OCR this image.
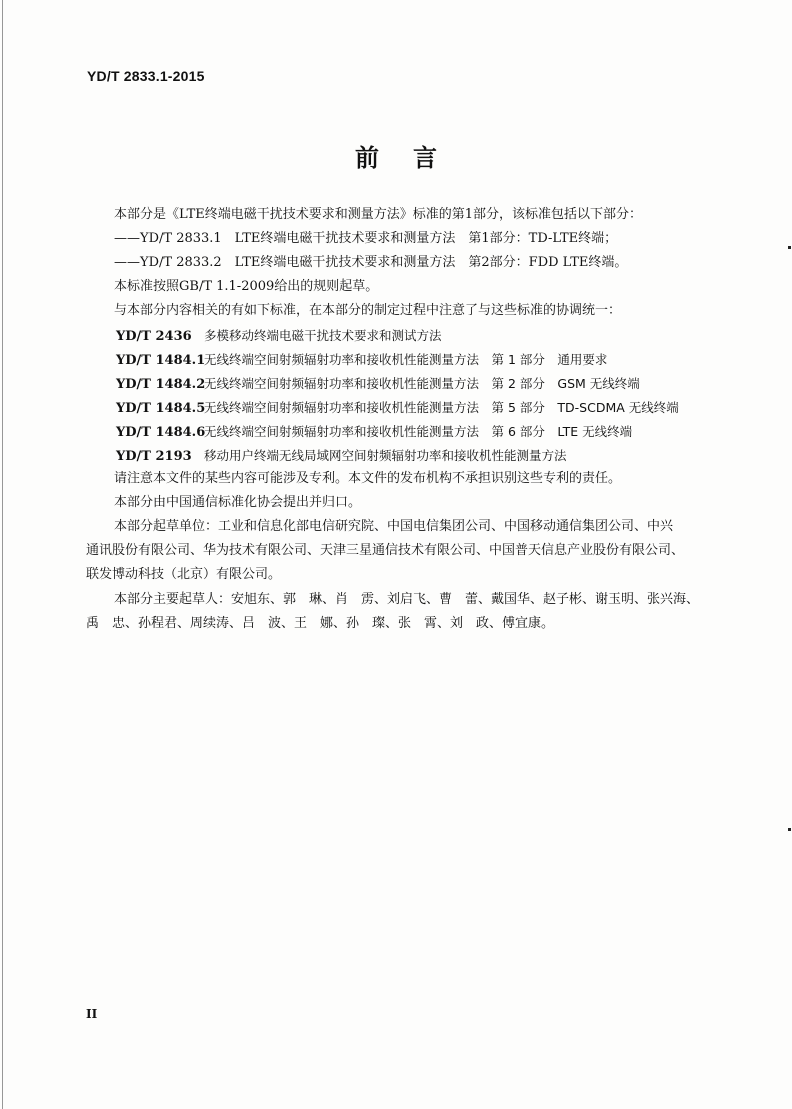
YD/T 2833.1-2015
前言
本部分是《LTE终端电磁干扰技术要求和测量方法》标准的第1部分，该标准包括以下部分：
——YD/T 2833.1　LTE终端电磁干扰技术要求和测量方法　第1部分：TD-LTE终端；
——YD/T 2833.2　LTE终端电磁干扰技术要求和测量方法　第2部分：FDD LTE终端。
本标准按照GB/T 1.1-2009给出的规则起草。
与本部分内容相关的有如下标准，在本部分的制定过程中注意了与这些标准的协调统一：
YD/T 2436 多模移动终端电磁干扰技术要求和测试方法
YD/T 1484.1无线终端空间射频辐射功率和接收机性能测量方法　第 1 部分　通用要求
YD/T 1484.2无线终端空间射频辐射功率和接收机性能测量方法　第 2 部分　GSM 无线终端
YD/T 1484.5无线终端空间射频辐射功率和接收机性能测量方法　第 5 部分　TD-SCDMA 无线终端
YD/T 1484.6无线终端空间射频辐射功率和接收机性能测量方法　第 6 部分　LTE 无线终端
YD/T 2193 移动用户终端无线局域网空间射频辐射功率和接收机性能测量方法
请注意本文件的某些内容可能涉及专利。本文件的发布机构不承担识别这些专利的责任。
本部分由中国通信标准化协会提出并归口。
本部分起草单位：工业和信息化部电信研究院、中国电信集团公司、中国移动通信集团公司、中兴
通讯股份有限公司、华为技术有限公司、天津三星通信技术有限公司、中国普天信息产业股份有限公司、
联发博动科技（北京）有限公司。
本部分主要起草人：安旭东、郭　琳、肖　雳、刘启飞、曹　蕾、戴国华、赵子彬、谢玉明、张兴海、
禹　忠、孙程君、周续涛、吕　波、王　娜、孙　璨、张　霄、刘　政、傅宜康。
II
